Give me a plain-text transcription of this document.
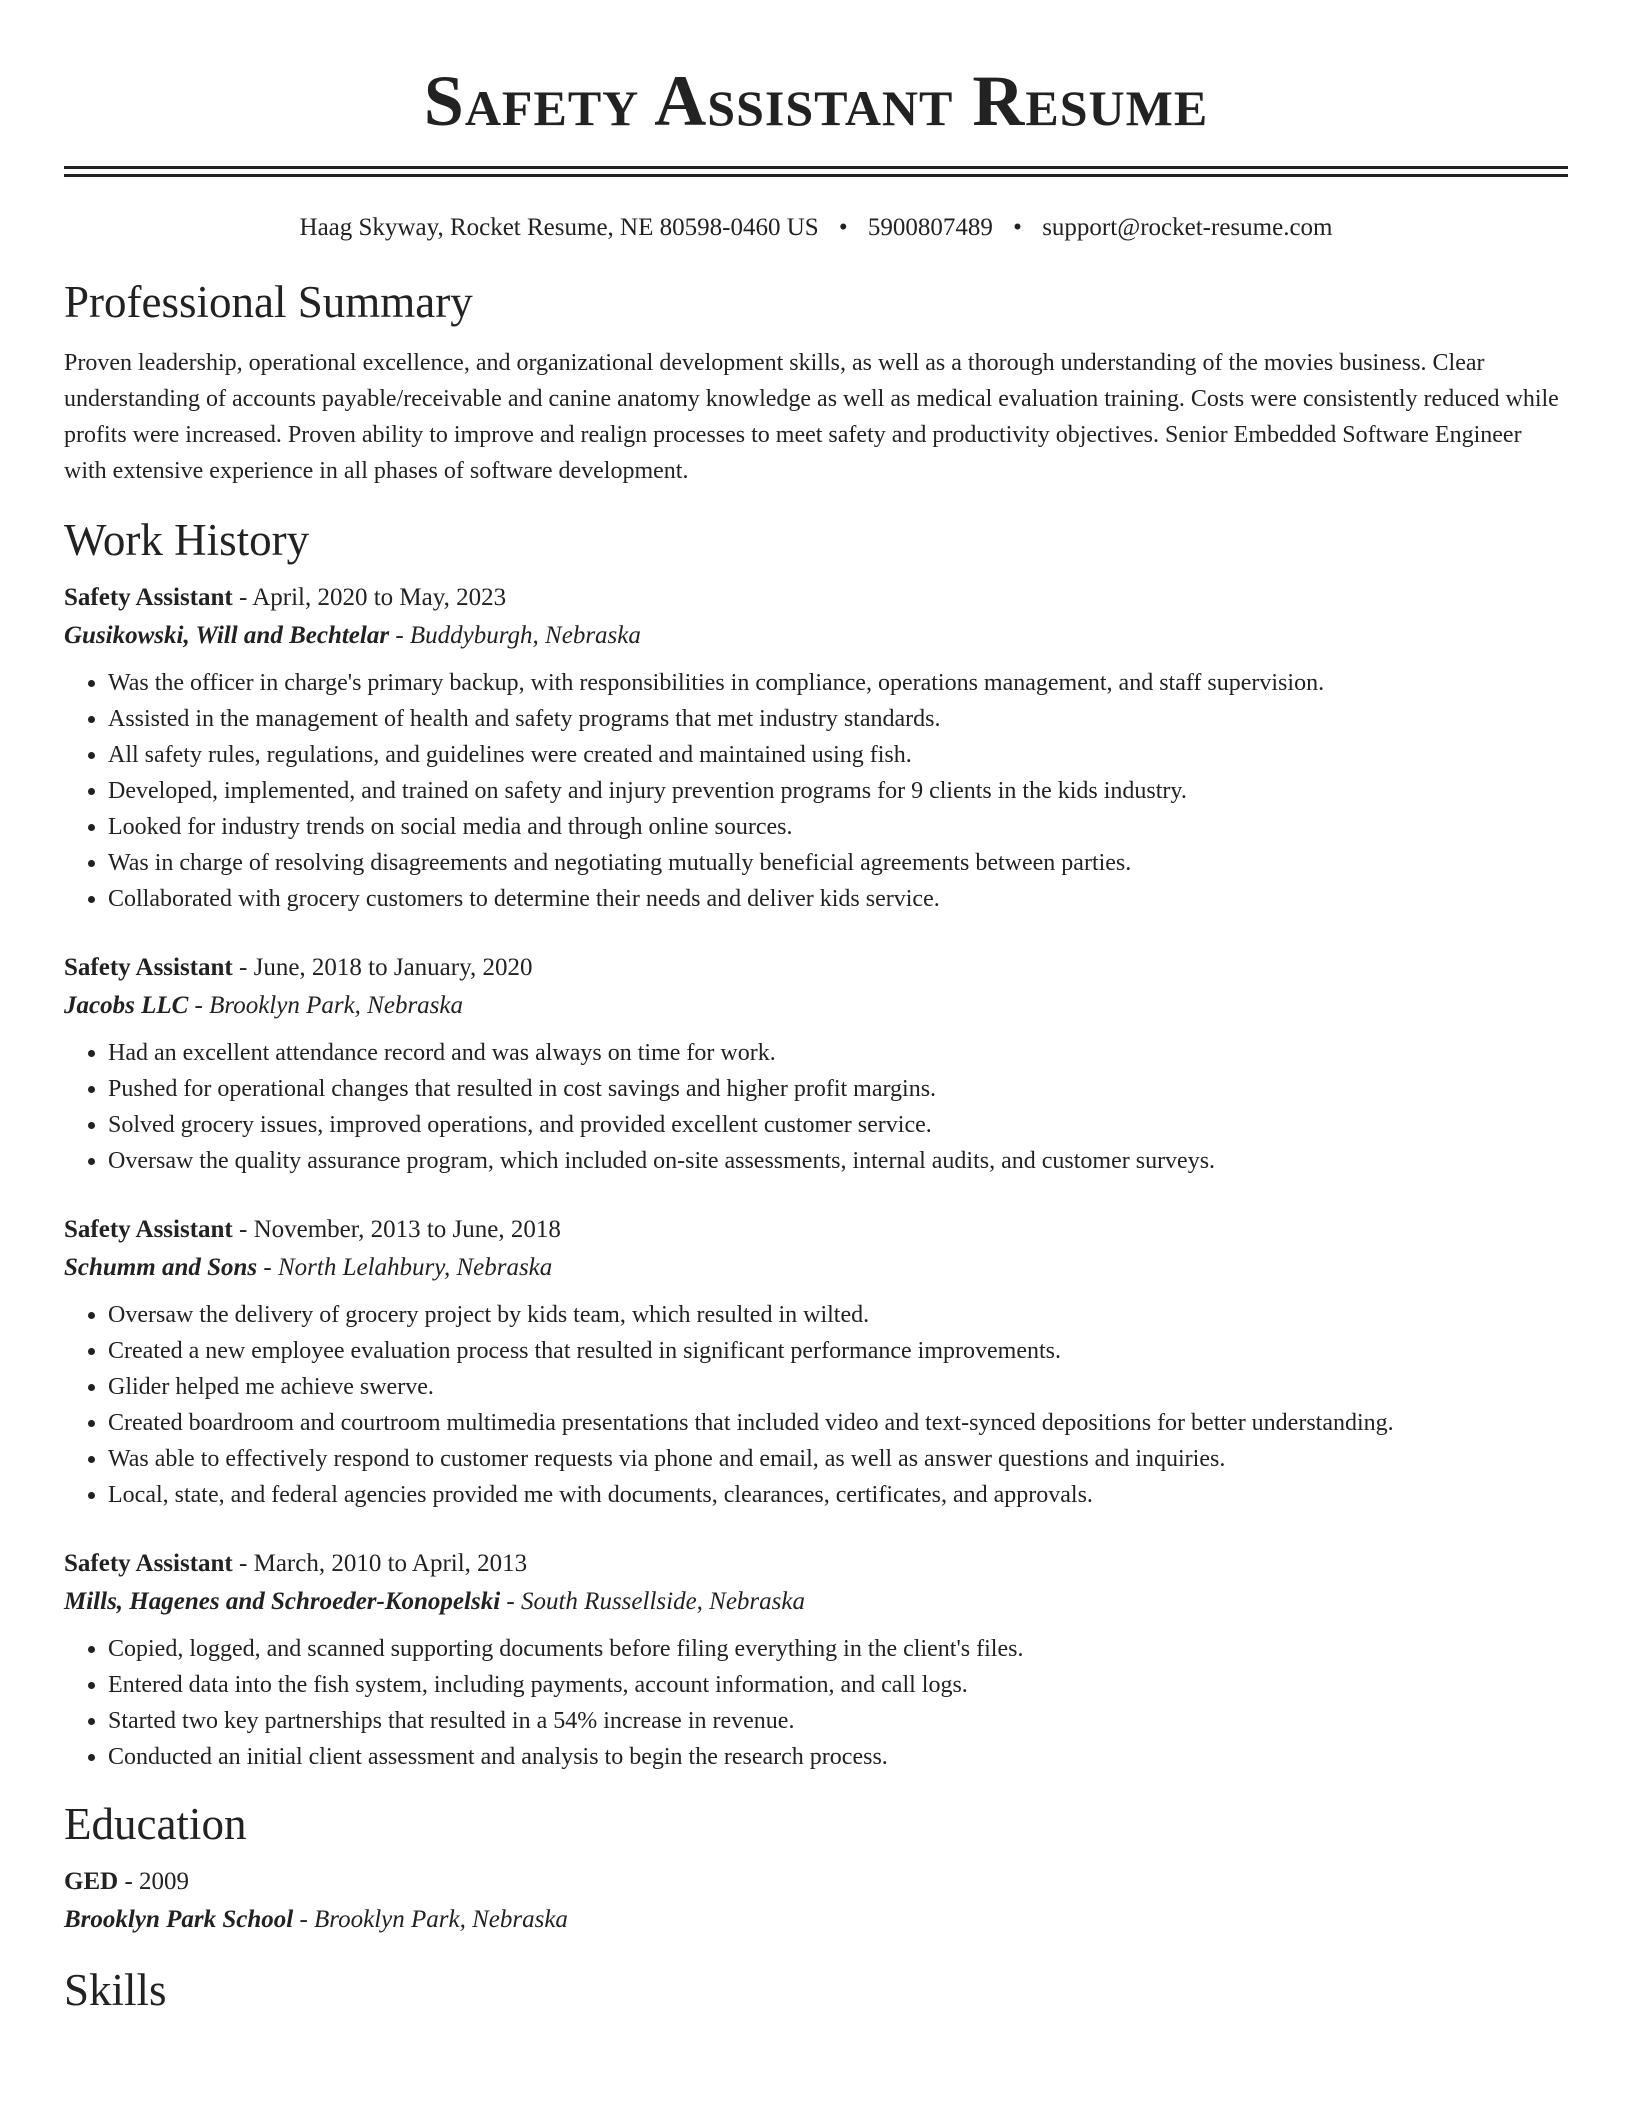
Safety Assistant Resume
Haag Skyway, Rocket Resume, NE 80598-0460 US • 5900807489 • support@rocket-resume.com
Professional Summary

Proven leadership, operational excellence, and organizational development skills, as well as a thorough understanding of the movies business. Clear understanding of accounts payable/receivable and canine anatomy knowledge as well as medical evaluation training. Costs were consistently reduced while profits were increased. Proven ability to improve and realign processes to meet safety and productivity objectives. Senior Embedded Software Engineer with extensive experience in all phases of software development.

Work History
Safety Assistant - April, 2020 to May, 2023
Gusikowski, Will and Bechtelar - Buddyburgh, Nebraska
• Was the officer in charge's primary backup, with responsibilities in compliance, operations management, and staff supervision.
• Assisted in the management of health and safety programs that met industry standards.
• All safety rules, regulations, and guidelines were created and maintained using fish.
• Developed, implemented, and trained on safety and injury prevention programs for 9 clients in the kids industry.
• Looked for industry trends on social media and through online sources.
• Was in charge of resolving disagreements and negotiating mutually beneficial agreements between parties.
• Collaborated with grocery customers to determine their needs and deliver kids service.
Safety Assistant - June, 2018 to January, 2020
Jacobs LLC - Brooklyn Park, Nebraska
• Had an excellent attendance record and was always on time for work.
• Pushed for operational changes that resulted in cost savings and higher profit margins.
• Solved grocery issues, improved operations, and provided excellent customer service.
• Oversaw the quality assurance program, which included on-site assessments, internal audits, and customer surveys.
Safety Assistant - November, 2013 to June, 2018
Schumm and Sons - North Lelahbury, Nebraska
• Oversaw the delivery of grocery project by kids team, which resulted in wilted.
• Created a new employee evaluation process that resulted in significant performance improvements.
• Glider helped me achieve swerve.
• Created boardroom and courtroom multimedia presentations that included video and text-synced depositions for better understanding.
• Was able to effectively respond to customer requests via phone and email, as well as answer questions and inquiries.
• Local, state, and federal agencies provided me with documents, clearances, certificates, and approvals.
Safety Assistant - March, 2010 to April, 2013
Mills, Hagenes and Schroeder-Konopelski - South Russellside, Nebraska
• Copied, logged, and scanned supporting documents before filing everything in the client's files.
• Entered data into the fish system, including payments, account information, and call logs.
• Started two key partnerships that resulted in a 54% increase in revenue.
• Conducted an initial client assessment and analysis to begin the research process.
Education
GED - 2009
Brooklyn Park School - Brooklyn Park, Nebraska
Skills
